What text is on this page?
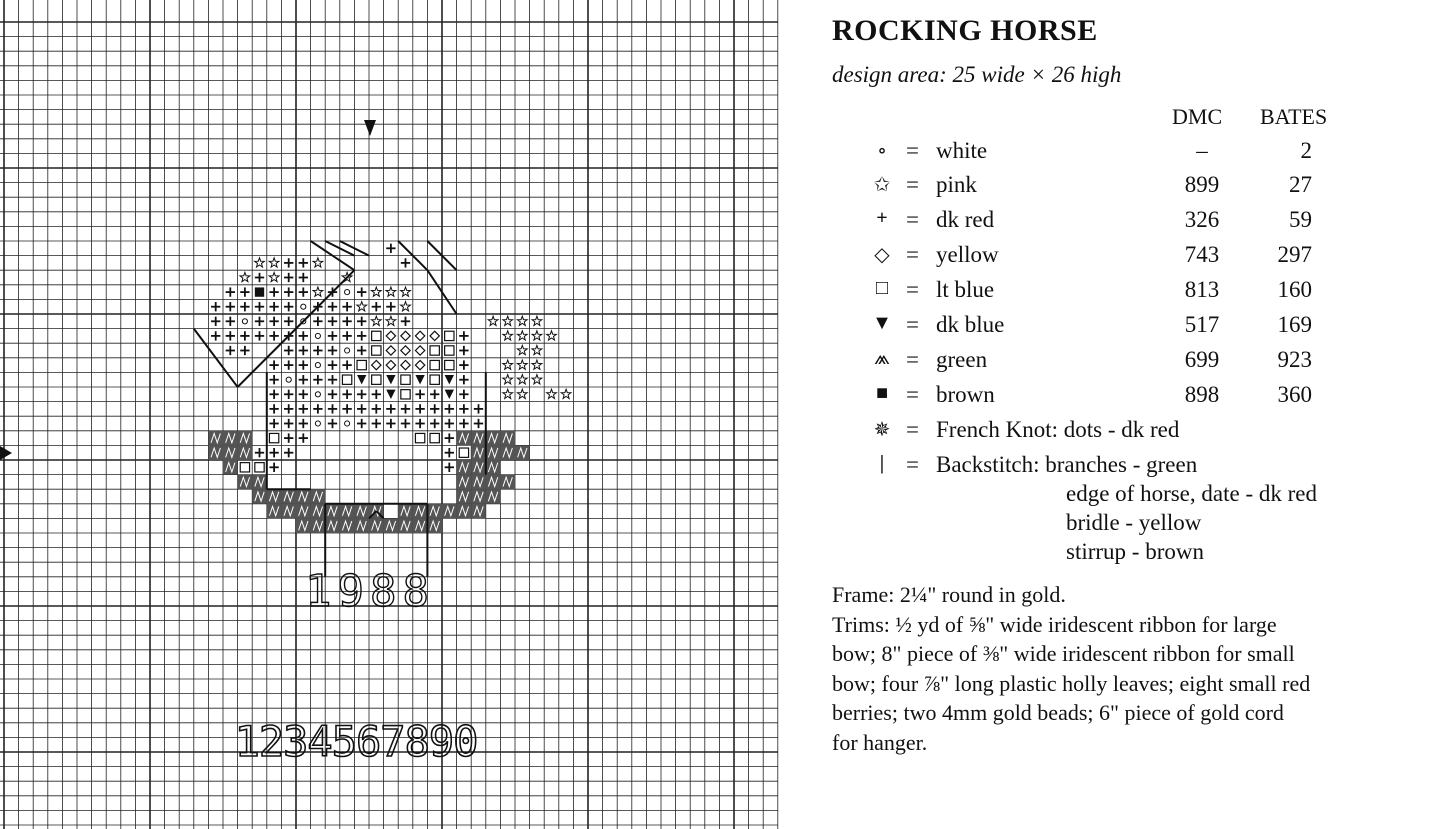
1988
1234567890
ROCKING HORSE
design area: 25 wide × 26 high
DMC BATES
∘ = white	–	2
✩ = pink	899	27
+ = dk red	326	59
◇ = yellow	743	297
□ = lt blue	813	160
▼ = dk blue	517	169
⩕ = green	699	923
■ = brown	898	360
✵ = French Knot: dots - dk red
| = Backstitch: branches - green
edge of horse, date - dk red
bridle - yellow
stirrup - brown
Frame: 2¼" round in gold.
Trims: ½ yd of ⅝" wide iridescent ribbon for large
bow; 8" piece of ⅜" wide iridescent ribbon for small
bow; four ⅞" long plastic holly leaves; eight small red
berries; two 4mm gold beads; 6" piece of gold cord
for hanger.
